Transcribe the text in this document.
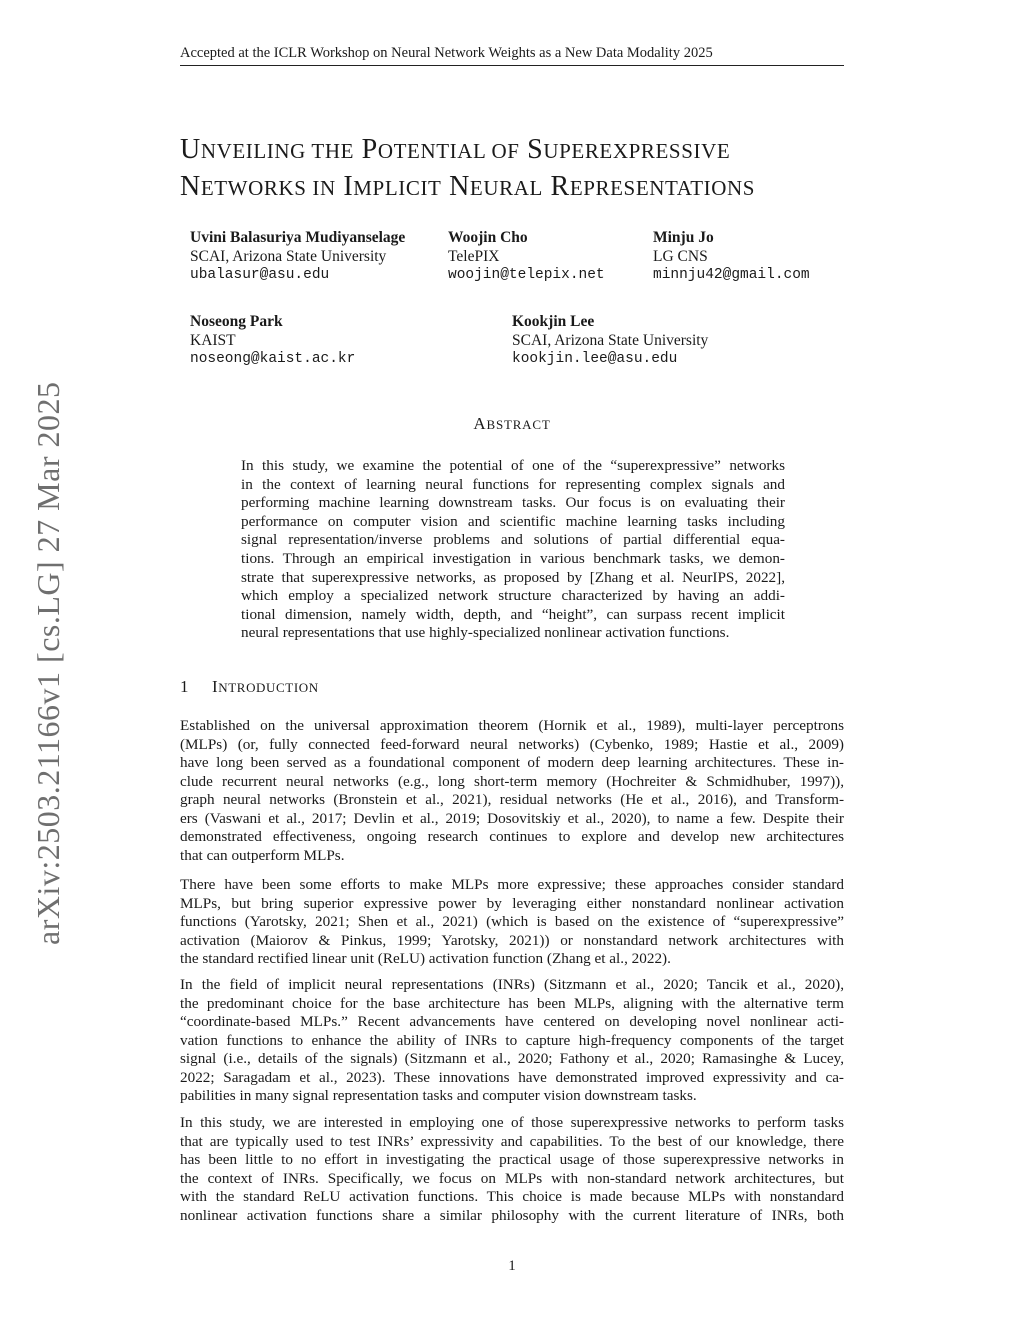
Accepted at the ICLR Workshop on Neural Network Weights as a New Data Modality 2025
UNVEILING THE POTENTIAL OF SUPEREXPRESSIVE
NETWORKS IN IMPLICIT NEURAL REPRESENTATIONS
Uvini Balasuriya Mudiyanselage
SCAI, Arizona State University
ubalasur@asu.edu
Woojin Cho
TelePIX
woojin@telepix.net
Minju Jo
LG CNS
minnju42@gmail.com
Noseong Park
KAIST
noseong@kaist.ac.kr
Kookjin Lee
SCAI, Arizona State University
kookjin.lee@asu.edu
ABSTRACT
In this study, we examine the potential of one of the “superexpressive” networks
in the context of learning neural functions for representing complex signals and
performing machine learning downstream tasks. Our focus is on evaluating their
performance on computer vision and scientific machine learning tasks including
signal representation/inverse problems and solutions of partial differential equa-
tions. Through an empirical investigation in various benchmark tasks, we demon-
strate that superexpressive networks, as proposed by [Zhang et al. NeurIPS, 2022],
which employ a specialized network structure characterized by having an addi-
tional dimension, namely width, depth, and “height”, can surpass recent implicit
neural representations that use highly-specialized nonlinear activation functions.
1 INTRODUCTION
Established on the universal approximation theorem (Hornik et al., 1989), multi-layer perceptrons
(MLPs) (or, fully connected feed-forward neural networks) (Cybenko, 1989; Hastie et al., 2009)
have long been served as a foundational component of modern deep learning architectures. These in-
clude recurrent neural networks (e.g., long short-term memory (Hochreiter & Schmidhuber, 1997)),
graph neural networks (Bronstein et al., 2021), residual networks (He et al., 2016), and Transform-
ers (Vaswani et al., 2017; Devlin et al., 2019; Dosovitskiy et al., 2020), to name a few. Despite their
demonstrated effectiveness, ongoing research continues to explore and develop new architectures
that can outperform MLPs.
There have been some efforts to make MLPs more expressive; these approaches consider standard
MLPs, but bring superior expressive power by leveraging either nonstandard nonlinear activation
functions (Yarotsky, 2021; Shen et al., 2021) (which is based on the existence of “superexpressive”
activation (Maiorov & Pinkus, 1999; Yarotsky, 2021)) or nonstandard network architectures with
the standard rectified linear unit (ReLU) activation function (Zhang et al., 2022).
In the field of implicit neural representations (INRs) (Sitzmann et al., 2020; Tancik et al., 2020),
the predominant choice for the base architecture has been MLPs, aligning with the alternative term
“coordinate-based MLPs.” Recent advancements have centered on developing novel nonlinear acti-
vation functions to enhance the ability of INRs to capture high-frequency components of the target
signal (i.e., details of the signals) (Sitzmann et al., 2020; Fathony et al., 2020; Ramasinghe & Lucey,
2022; Saragadam et al., 2023). These innovations have demonstrated improved expressivity and ca-
pabilities in many signal representation tasks and computer vision downstream tasks.
In this study, we are interested in employing one of those superexpressive networks to perform tasks
that are typically used to test INRs’ expressivity and capabilities. To the best of our knowledge, there
has been little to no effort in investigating the practical usage of those superexpressive networks in
the context of INRs. Specifically, we focus on MLPs with non-standard network architectures, but
with the standard ReLU activation functions. This choice is made because MLPs with nonstandard
nonlinear activation functions share a similar philosophy with the current literature of INRs, both
arXiv:2503.21166v1 [cs.LG] 27 Mar 2025
1
